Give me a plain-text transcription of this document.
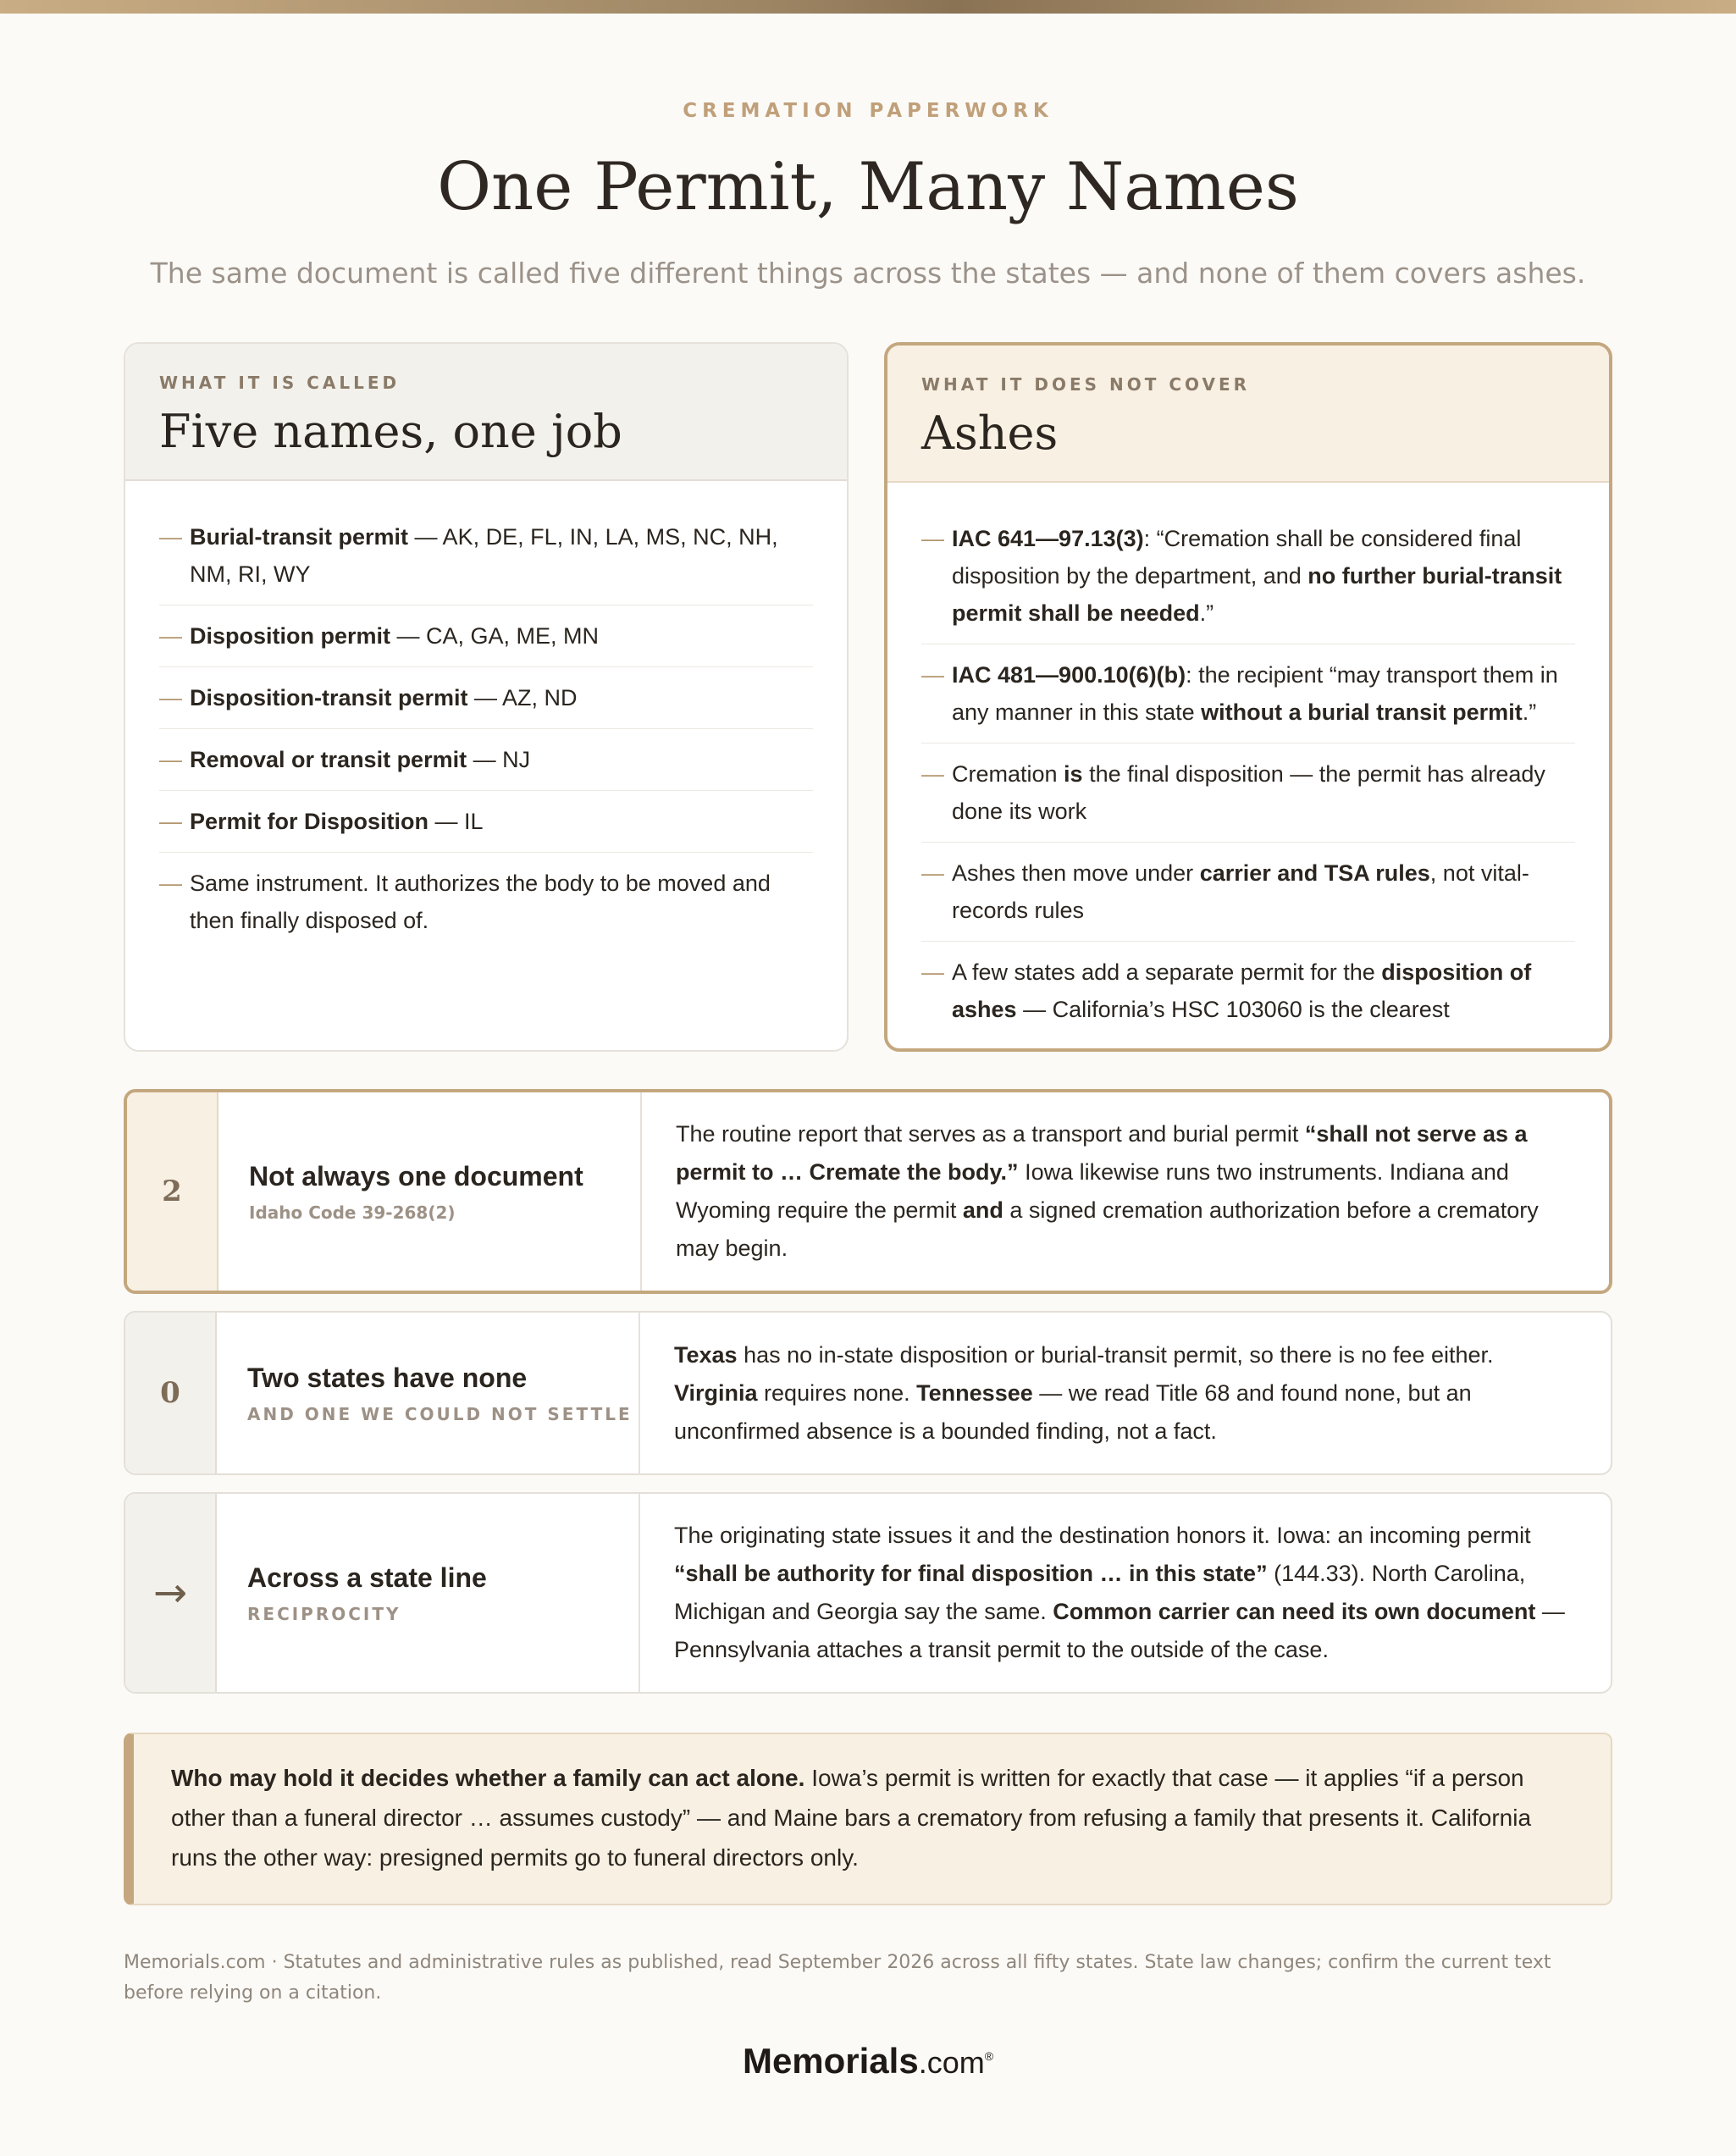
CREMATION PAPERWORK
One Permit, Many Names
The same document is called five different things across the states — and none of them covers ashes.
WHAT IT IS CALLED
Five names, one job
— Burial-transit permit — AK, DE, FL, IN, LA, MS, NC, NH, NM, RI, WY
— Disposition permit — CA, GA, ME, MN
— Disposition-transit permit — AZ, ND
— Removal or transit permit — NJ
— Permit for Disposition — IL
— Same instrument. It authorizes the body to be moved and then finally disposed of.
WHAT IT DOES NOT COVER
Ashes
— IAC 641—97.13(3): “Cremation shall be considered final disposition by the department, and no further burial-transit permit shall be needed.”
— IAC 481—900.10(6)(b): the recipient “may transport them in any manner in this state without a burial transit permit.”
— Cremation is the final disposition — the permit has already done its work
— Ashes then move under carrier and TSA rules, not vital-records rules
— A few states add a separate permit for the disposition of ashes — California’s HSC 103060 is the clearest
2	Not always one document
Idaho Code 39-268(2)
The routine report that serves as a transport and burial permit “shall not serve as a permit to … Cremate the body.” Iowa likewise runs two instruments. Indiana and Wyoming require the permit and a signed cremation authorization before a crematory may begin.
0	Two states have none
AND ONE WE COULD NOT SETTLE
Texas has no in-state disposition or burial-transit permit, so there is no fee either. Virginia requires none. Tennessee — we read Title 68 and found none, but an unconfirmed absence is a bounded finding, not a fact.
→	Across a state line
RECIPROCITY
The originating state issues it and the destination honors it. Iowa: an incoming permit “shall be authority for final disposition … in this state” (144.33). North Carolina, Michigan and Georgia say the same. Common carrier can need its own document — Pennsylvania attaches a transit permit to the outside of the case.
Who may hold it decides whether a family can act alone. Iowa’s permit is written for exactly that case — it applies “if a person other than a funeral director … assumes custody” — and Maine bars a crematory from refusing a family that presents it. California runs the other way: presigned permits go to funeral directors only.
Memorials.com · Statutes and administrative rules as published, read September 2026 across all fifty states. State law changes; confirm the current text before relying on a citation.
Memorials.com®
